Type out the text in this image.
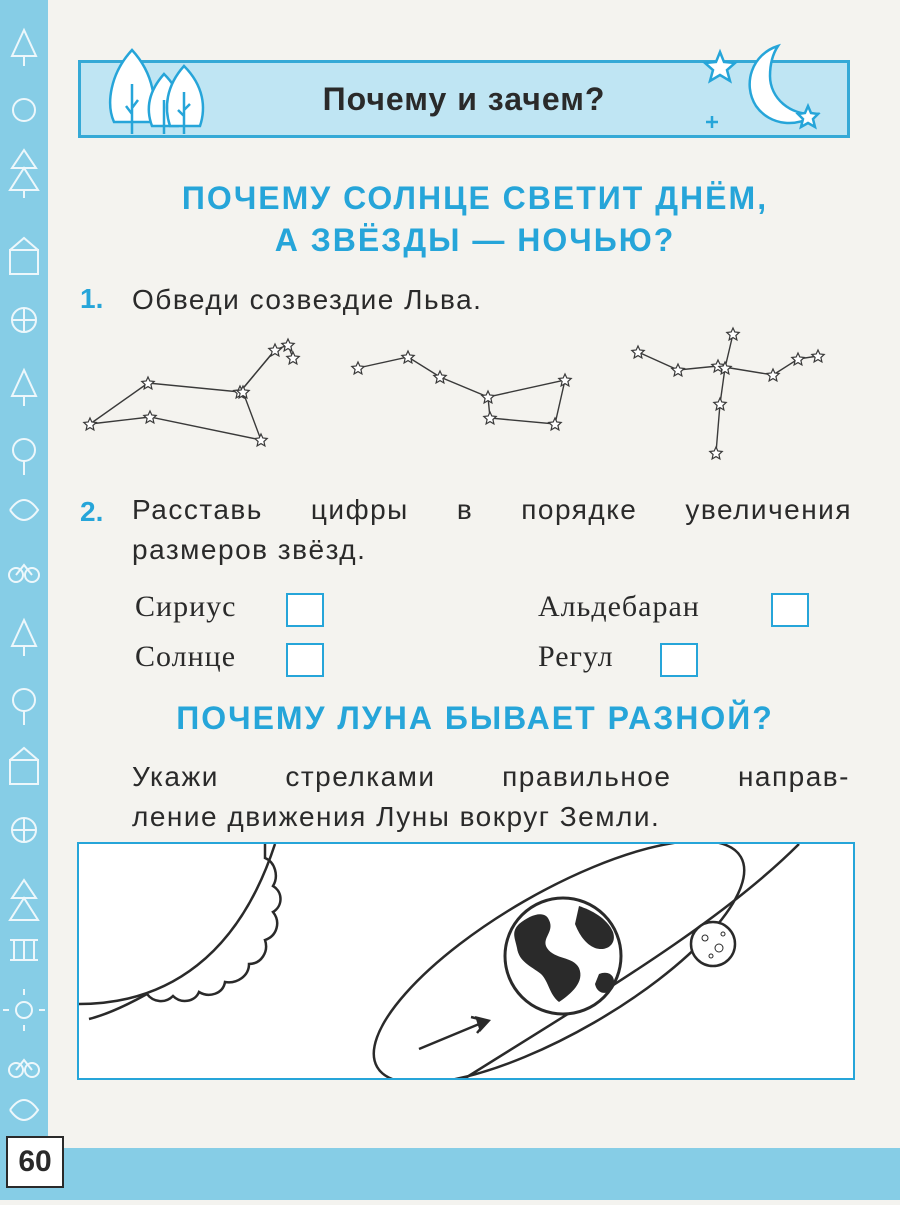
60
Почему и зачем?
ПОЧЕМУ СОЛНЦЕ СВЕТИТ ДНЁМ,
А ЗВЁЗДЫ — НОЧЬЮ?
1. Обведи созвездие Льва.
2. Расставь цифры в порядке увеличения
размеров звёзд.
Сириус
Солнце
Альдебаран
Регул
ПОЧЕМУ ЛУНА БЫВАЕТ РАЗНОЙ?
Укажи стрелками правильное направ-
ление движения Луны вокруг Земли.
